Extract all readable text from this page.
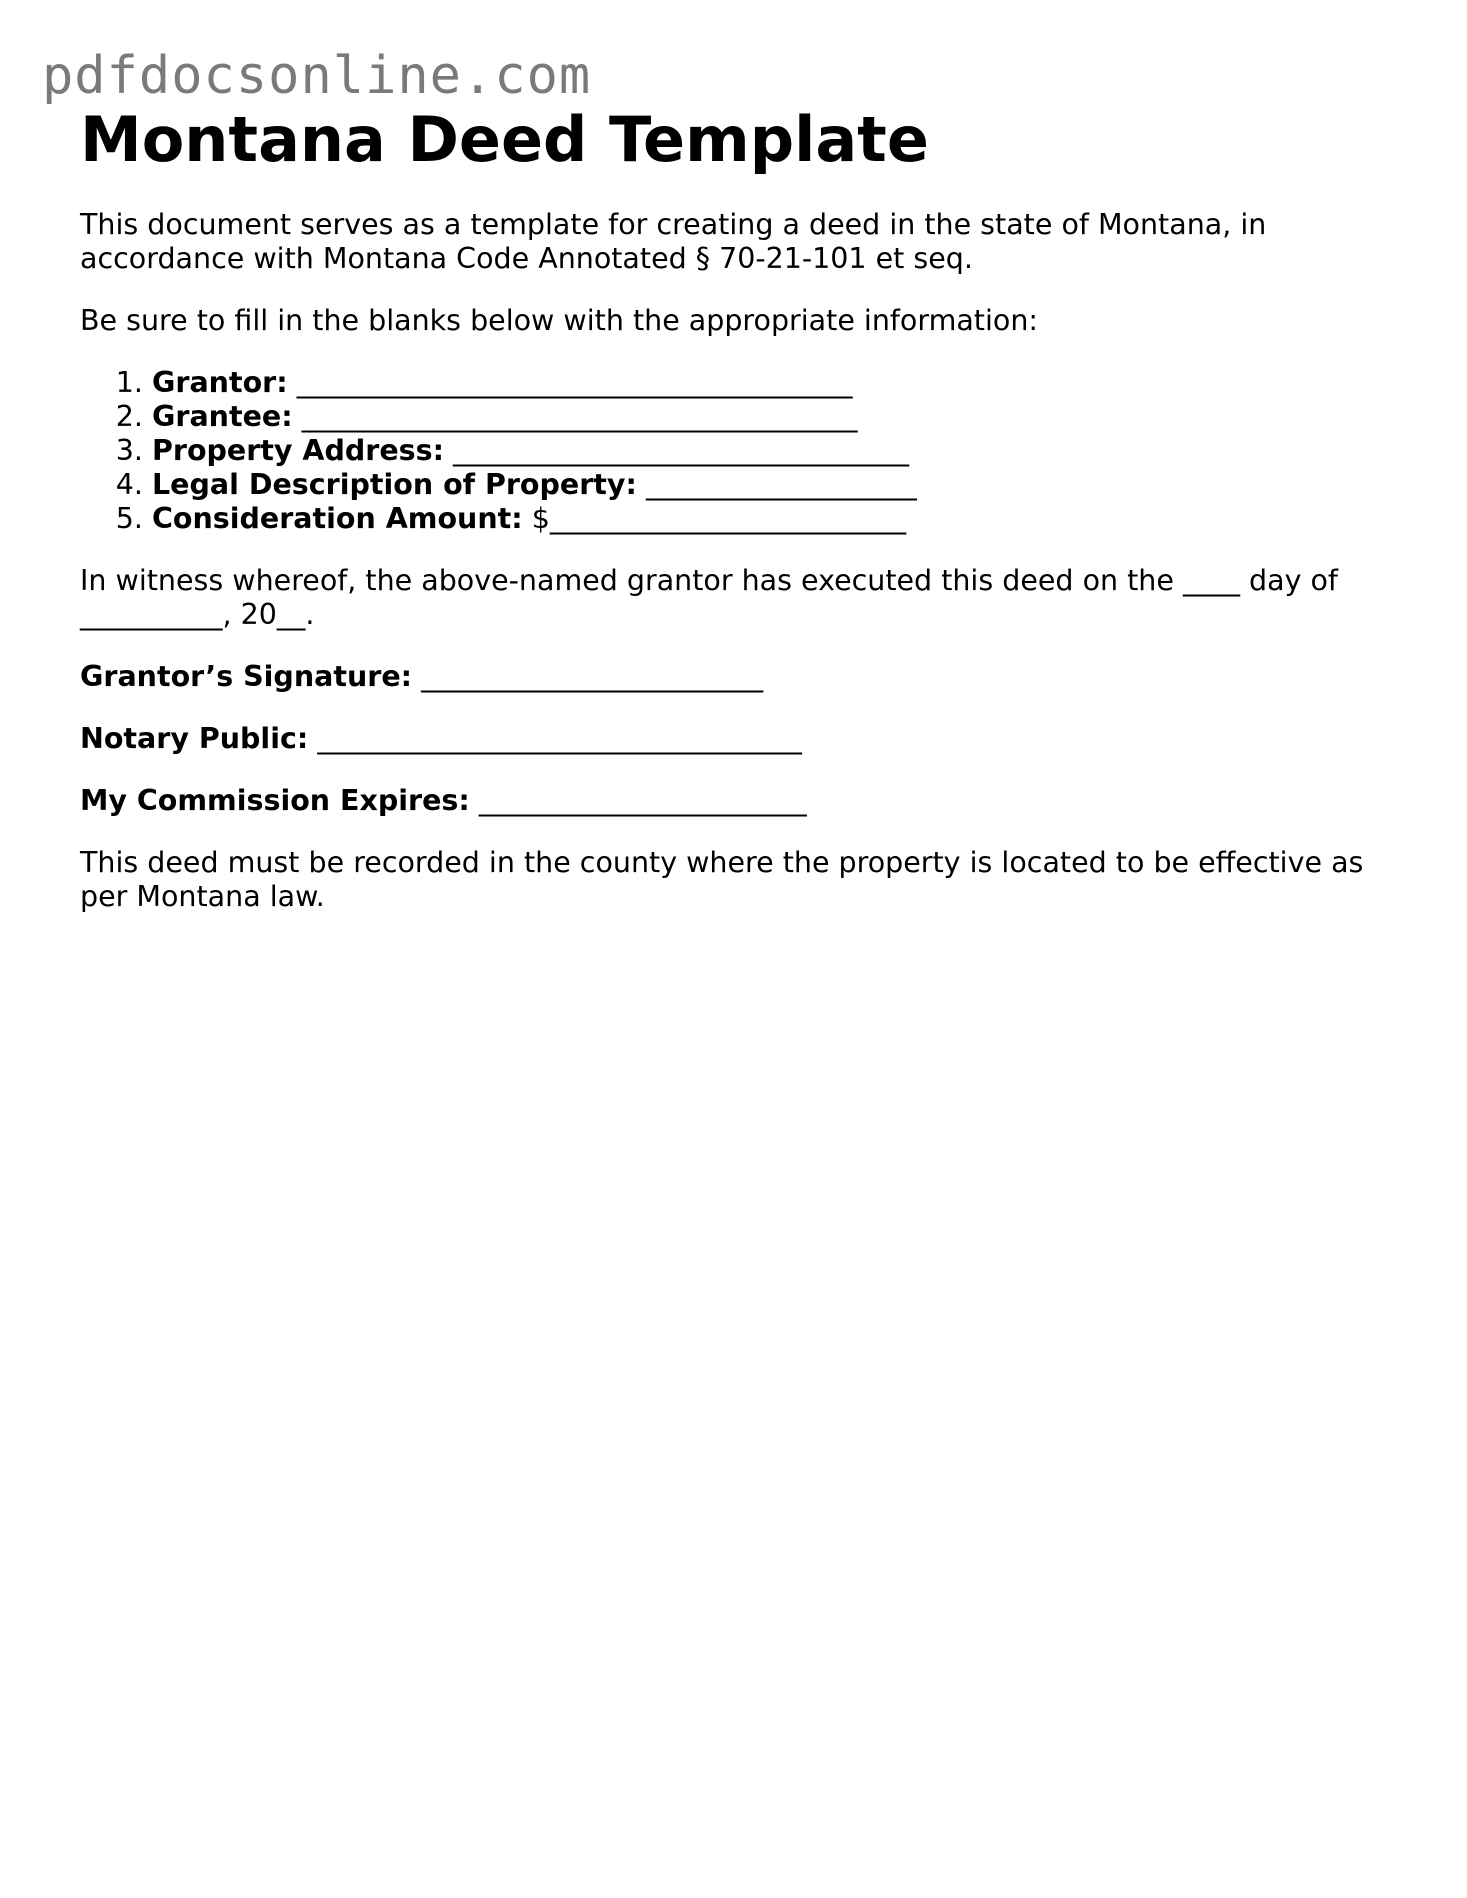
pdfdocsonline.com
Montana Deed Template

This document serves as a template for creating a deed in the state of Montana, in accordance with Montana Code Annotated § 70-21-101 et seq.

Be sure to fill in the blanks below with the appropriate information:

1. Grantor: _______________________________________
2. Grantee: _______________________________________
3. Property Address: ________________________________
4. Legal Description of Property: ___________________
5. Consideration Amount: $_________________________

In witness whereof, the above-named grantor has executed this deed on the ____ day of __________, 20__.

Grantor’s Signature: ________________________

Notary Public: __________________________________

My Commission Expires: _______________________

This deed must be recorded in the county where the property is located to be effective as per Montana law.
